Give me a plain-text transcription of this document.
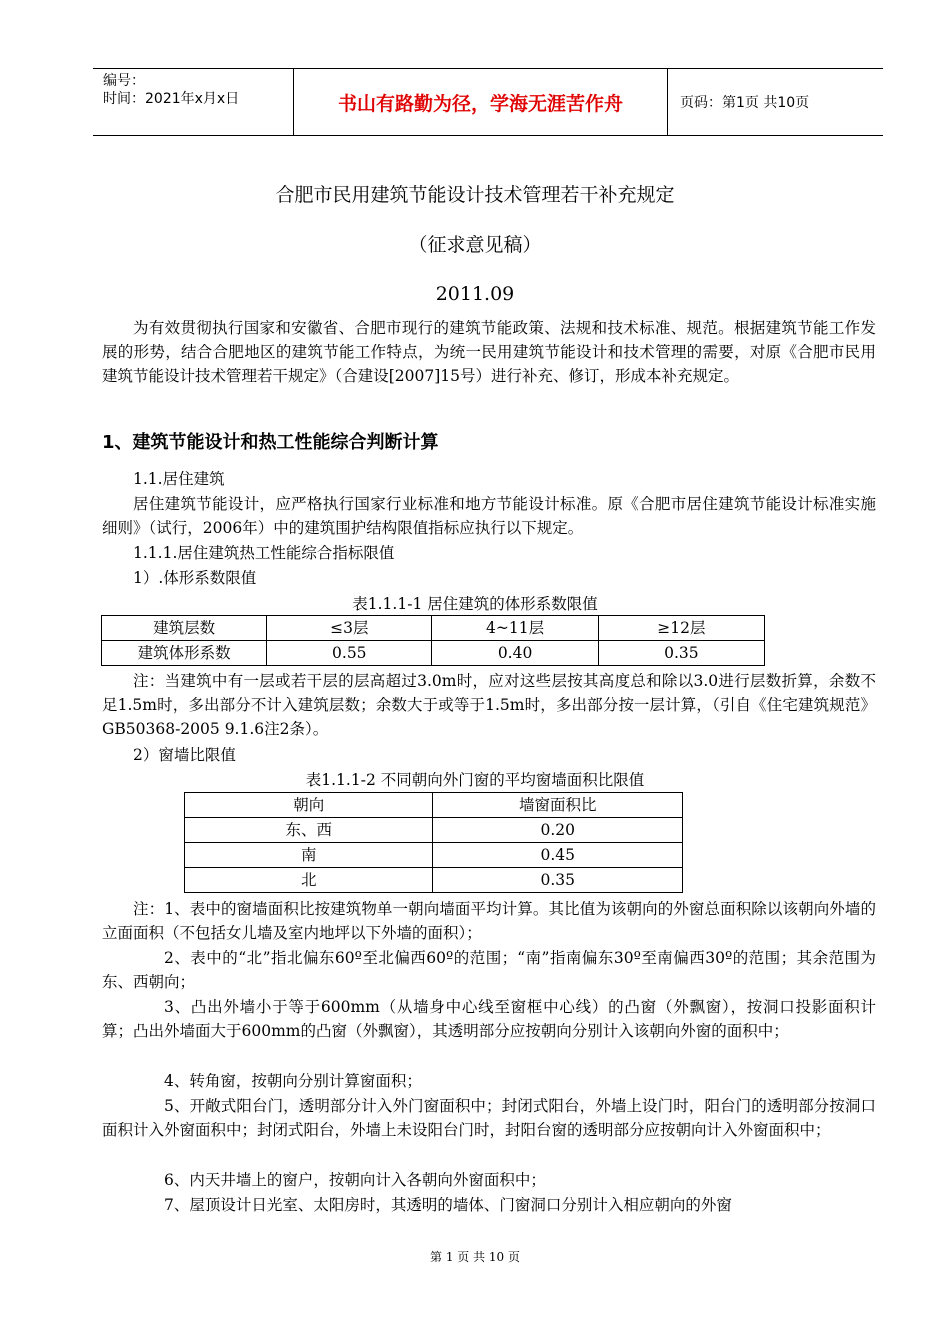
编号：
时间：2021年x月x日	书山有路勤为径，学海无涯苦作舟	页码：第1页 共10页
合肥市民用建筑节能设计技术管理若干补充规定
（征求意见稿）
2011.09

为有效贯彻执行国家和安徽省、合肥市现行的建筑节能政策、法规和技术标准、规范。根据建筑节能工作发展的形势，结合合肥地区的建筑节能工作特点，为统一民用建筑节能设计和技术管理的需要，对原《合肥市民用建筑节能设计技术管理若干规定》（合建设[2007]15号）进行补充、修订，形成本补充规定。

1、建筑节能设计和热工性能综合判断计算

1.1.居住建筑

居住建筑节能设计，应严格执行国家行业标准和地方节能设计标准。原《合肥市居住建筑节能设计标准实施细则》（试行，2006年）中的建筑围护结构限值指标应执行以下规定。

1.1.1.居住建筑热工性能综合指标限值

1）.体形系数限值

表1.1.1-1 居住建筑的体形系数限值
建筑层数	≤3层	4~11层	≥12层
建筑体形系数	0.55	0.40	0.35

注：当建筑中有一层或若干层的层高超过3.0m时，应对这些层按其高度总和除以3.0进行层数折算，余数不足1.5m时，多出部分不计入建筑层数；余数大于或等于1.5m时，多出部分按一层计算，（引自《住宅建筑规范》GB50368-2005 9.1.6注2条）。

2）窗墙比限值

表1.1.1-2 不同朝向外门窗的平均窗墙面积比限值
朝向	墙窗面积比
东、西	0.20
南	0.45
北	0.35

注：1、表中的窗墙面积比按建筑物单一朝向墙面平均计算。其比值为该朝向的外窗总面积除以该朝向外墙的立面面积（不包括女儿墙及室内地坪以下外墙的面积）；

2、表中的“北”指北偏东60º至北偏西60º的范围；“南”指南偏东30º至南偏西30º的范围；其余范围为东、西朝向；

3、凸出外墙小于等于600mm（从墙身中心线至窗框中心线）的凸窗（外飘窗），按洞口投影面积计算；凸出外墙面大于600mm的凸窗（外飘窗），其透明部分应按朝向分别计入该朝向外窗的面积中；

4、转角窗，按朝向分别计算窗面积；

5、开敞式阳台门，透明部分计入外门窗面积中；封闭式阳台，外墙上设门时，阳台门的透明部分按洞口面积计入外窗面积中；封闭式阳台，外墙上未设阳台门时，封阳台窗的透明部分应按朝向计入外窗面积中；

6、内天井墙上的窗户，按朝向计入各朝向外窗面积中；

7、屋顶设计日光室、太阳房时，其透明的墙体、门窗洞口分别计入相应朝向的外窗

第 1 页 共 10 页
